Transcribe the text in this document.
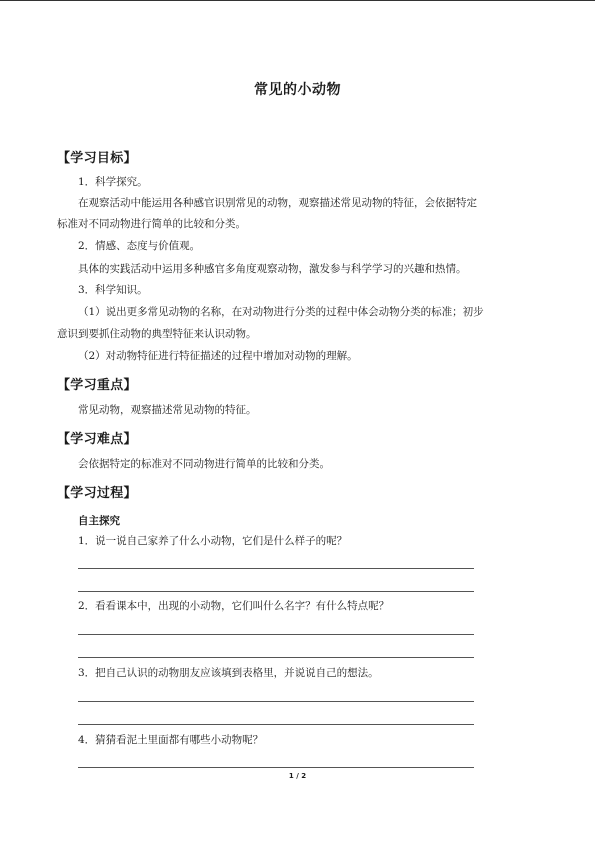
常见的小动物
【学习目标】
1．科学探究。
在观察活动中能运用各种感官识别常见的动物，观察描述常见动物的特征，会依据特定
标准对不同动物进行简单的比较和分类。
2．情感、态度与价值观。
具体的实践活动中运用多种感官多角度观察动物，激发参与科学学习的兴趣和热情。
3．科学知识。
（1）说出更多常见动物的名称，在对动物进行分类的过程中体会动物分类的标准；初步
意识到要抓住动物的典型特征来认识动物。
（2）对动物特征进行特征描述的过程中增加对动物的理解。
【学习重点】
常见动物，观察描述常见动物的特征。
【学习难点】
会依据特定的标准对不同动物进行简单的比较和分类。
【学习过程】
自主探究
1．说一说自己家养了什么小动物，它们是什么样子的呢？
2．看看课本中，出现的小动物，它们叫什么名字？有什么特点呢？
3．把自己认识的动物朋友应该填到表格里，并说说自己的想法。
4．猜猜看泥土里面都有哪些小动物呢？
1 / 2
